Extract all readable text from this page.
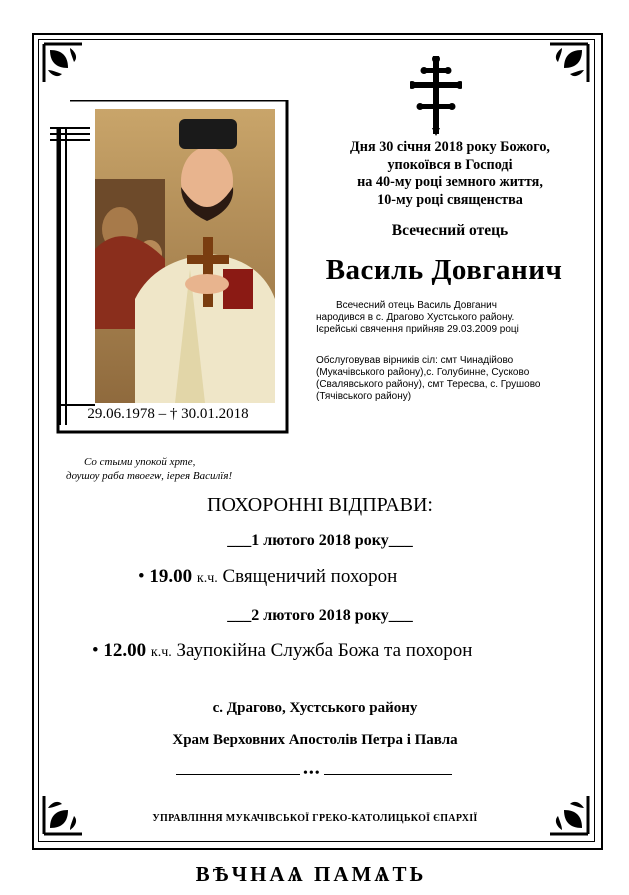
29.06.1978 – † 30.01.2018
Дня 30 січня 2018 року Божого,
упокоївся в Господі
на 40-му році земного життя,
10-му році священства
Всечесний отець
Василь Довганич
Всечесний отець Василь Довганич
народився в с. Драгово Хустського району.
Ієрейські свячення прийняв 29.03.2009 році
Обслуговував вірників сіл: смт Чинадійово
(Мукачівського району),с. Голубинне, Сусково
(Свалявського району), смт Тересва, с. Грушово
(Тячівського району)
Со стыми упокой хрте,
дѹшѹ раба твоегѡ, іерея Василїя!
ПОХОРОННІ ВІДПРАВИ:
___1 лютого 2018 року___
• 19.00 к.ч. Священичий похорон
___2 лютого 2018 року___
• 12.00 к.ч. Заупокійна Служба Божа та похорон
с. Драгово, Хустського району
Храм Верховних Апостолів Петра і Павла
•••
УПРАВЛІННЯ МУКАЧІВСЬКОЇ ГРЕКО-КАТОЛИЦЬКОЇ ЄПАРХІЇ
ВѢЧНАѦ ПАМѦТЬ
